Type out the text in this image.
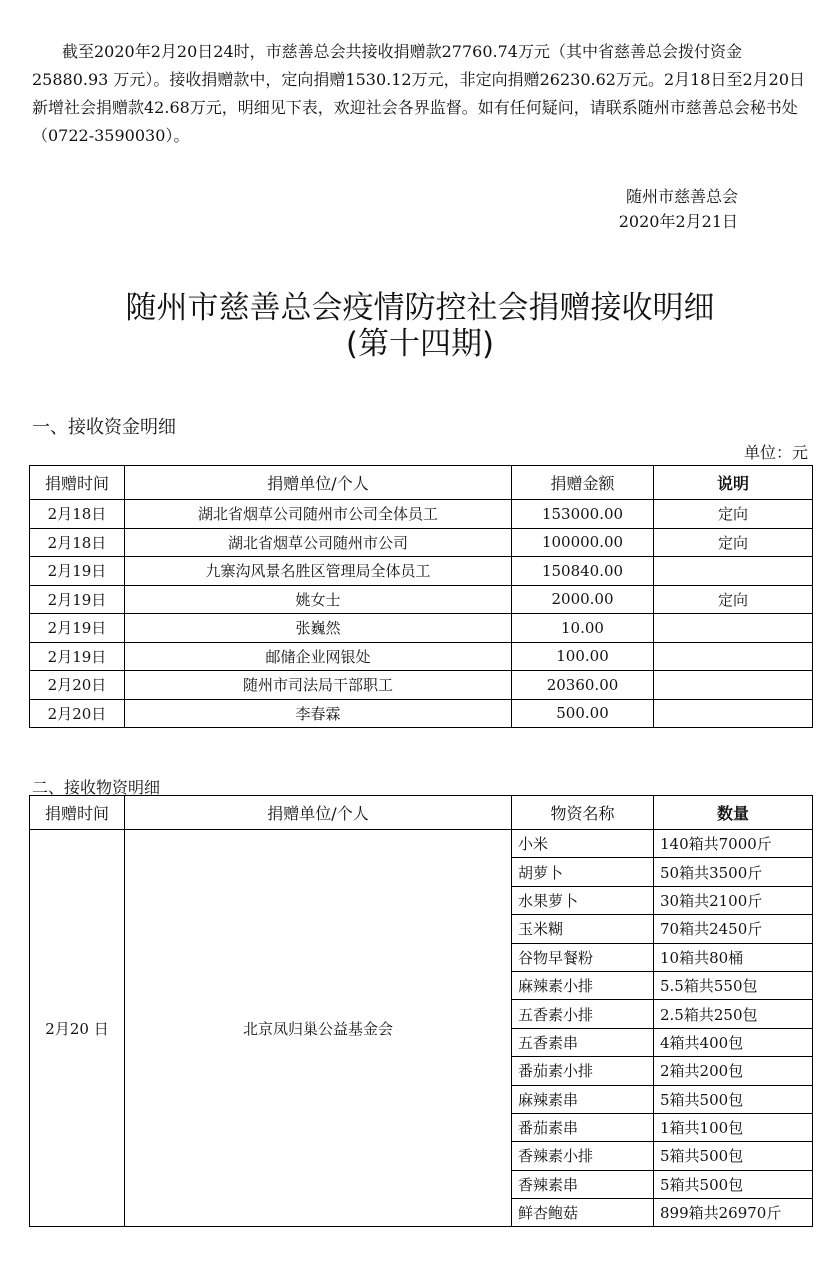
截至2020年2月20日24时，市慈善总会共接收捐赠款27760.74万元（其中省慈善总会拨付资金25880.93 万元）。接收捐赠款中，定向捐赠1530.12万元，非定向捐赠26230.62万元。2月18日至2月20日新增社会捐赠款42.68万元，明细见下表，欢迎社会各界监督。如有任何疑问，请联系随州市慈善总会秘书处（0722-3590030）。

随州市慈善总会
2020年2月21日
随州市慈善总会疫情防控社会捐赠接收明细
(第十四期)
一、接收资金明细
单位：元
捐赠时间	捐赠单位/个人	捐赠金额	说明
2月18日	湖北省烟草公司随州市公司全体员工	153000.00	定向
2月18日	湖北省烟草公司随州市公司	100000.00	定向
2月19日	九寨沟风景名胜区管理局全体员工	150840.00	
2月19日	姚女士	2000.00	定向
2月19日	张巍然	10.00	
2月19日	邮储企业网银处	100.00	
2月20日	随州市司法局干部职工	20360.00	
2月20日	李春霖	500.00	
二、接收物资明细
捐赠时间	捐赠单位/个人	物资名称	数量
2月20 日	北京凤归巢公益基金会	小米	140箱共7000斤
		胡萝卜	50箱共3500斤
		水果萝卜	30箱共2100斤
		玉米糊	70箱共2450斤
		谷物早餐粉	10箱共80桶
		麻辣素小排	5.5箱共550包
		五香素小排	2.5箱共250包
		五香素串	4箱共400包
		番茄素小排	2箱共200包
		麻辣素串	5箱共500包
		番茄素串	1箱共100包
		香辣素小排	5箱共500包
		香辣素串	5箱共500包
		鲜杏鲍菇	899箱共26970斤
